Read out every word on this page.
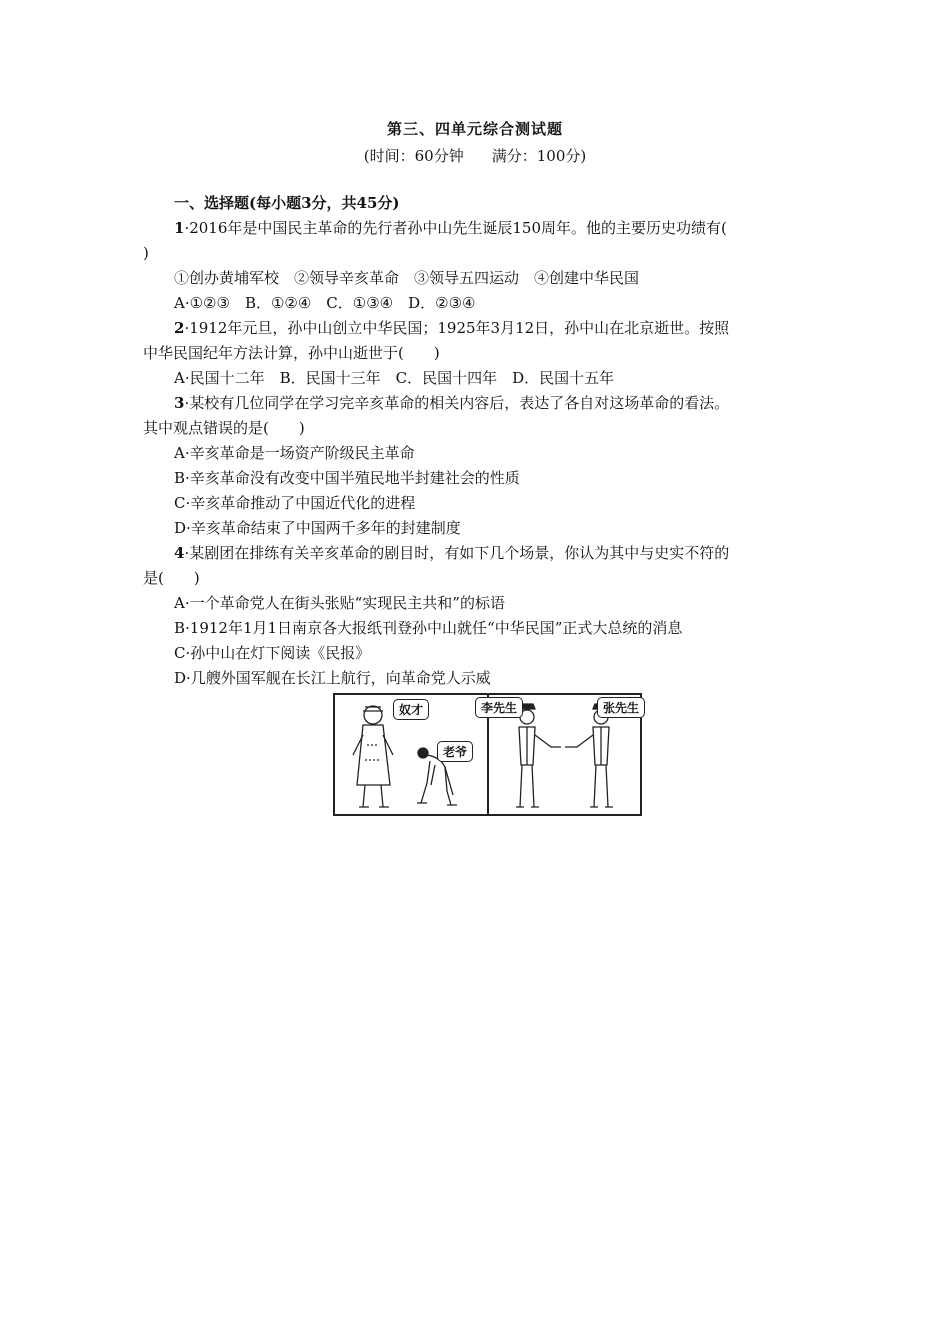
第三、四单元综合测试题
(时间：60分钟 满分：100分)
一、选择题(每小题3分，共45分)
1·2016年是中国民主革命的先行者孙中山先生诞辰150周年。他的主要历史功绩有(
)
①创办黄埔军校　②领导辛亥革命　③领导五四运动　④创建中华民国
A·①②③　B．①②④　C．①③④　D．②③④
2·1912年元旦，孙中山创立中华民国；1925年3月12日，孙中山在北京逝世。按照
中华民国纪年方法计算，孙中山逝世于(　　)
A·民国十二年　B．民国十三年　C．民国十四年　D．民国十五年
3·某校有几位同学在学习完辛亥革命的相关内容后，表达了各自对这场革命的看法。
其中观点错误的是(　　)
A·辛亥革命是一场资产阶级民主革命
B·辛亥革命没有改变中国半殖民地半封建社会的性质
C·辛亥革命推动了中国近代化的进程
D·辛亥革命结束了中国两千多年的封建制度
4·某剧团在排练有关辛亥革命的剧目时，有如下几个场景，你认为其中与史实不符的
是(　　)
A·一个革命党人在街头张贴“实现民主共和”的标语
B·1912年1月1日南京各大报纸刊登孙中山就任“中华民国”正式大总统的消息
C·孙中山在灯下阅读《民报》
D·几艘外国军舰在长江上航行，向革命党人示威
奴才
老爷
李先生	张先生
